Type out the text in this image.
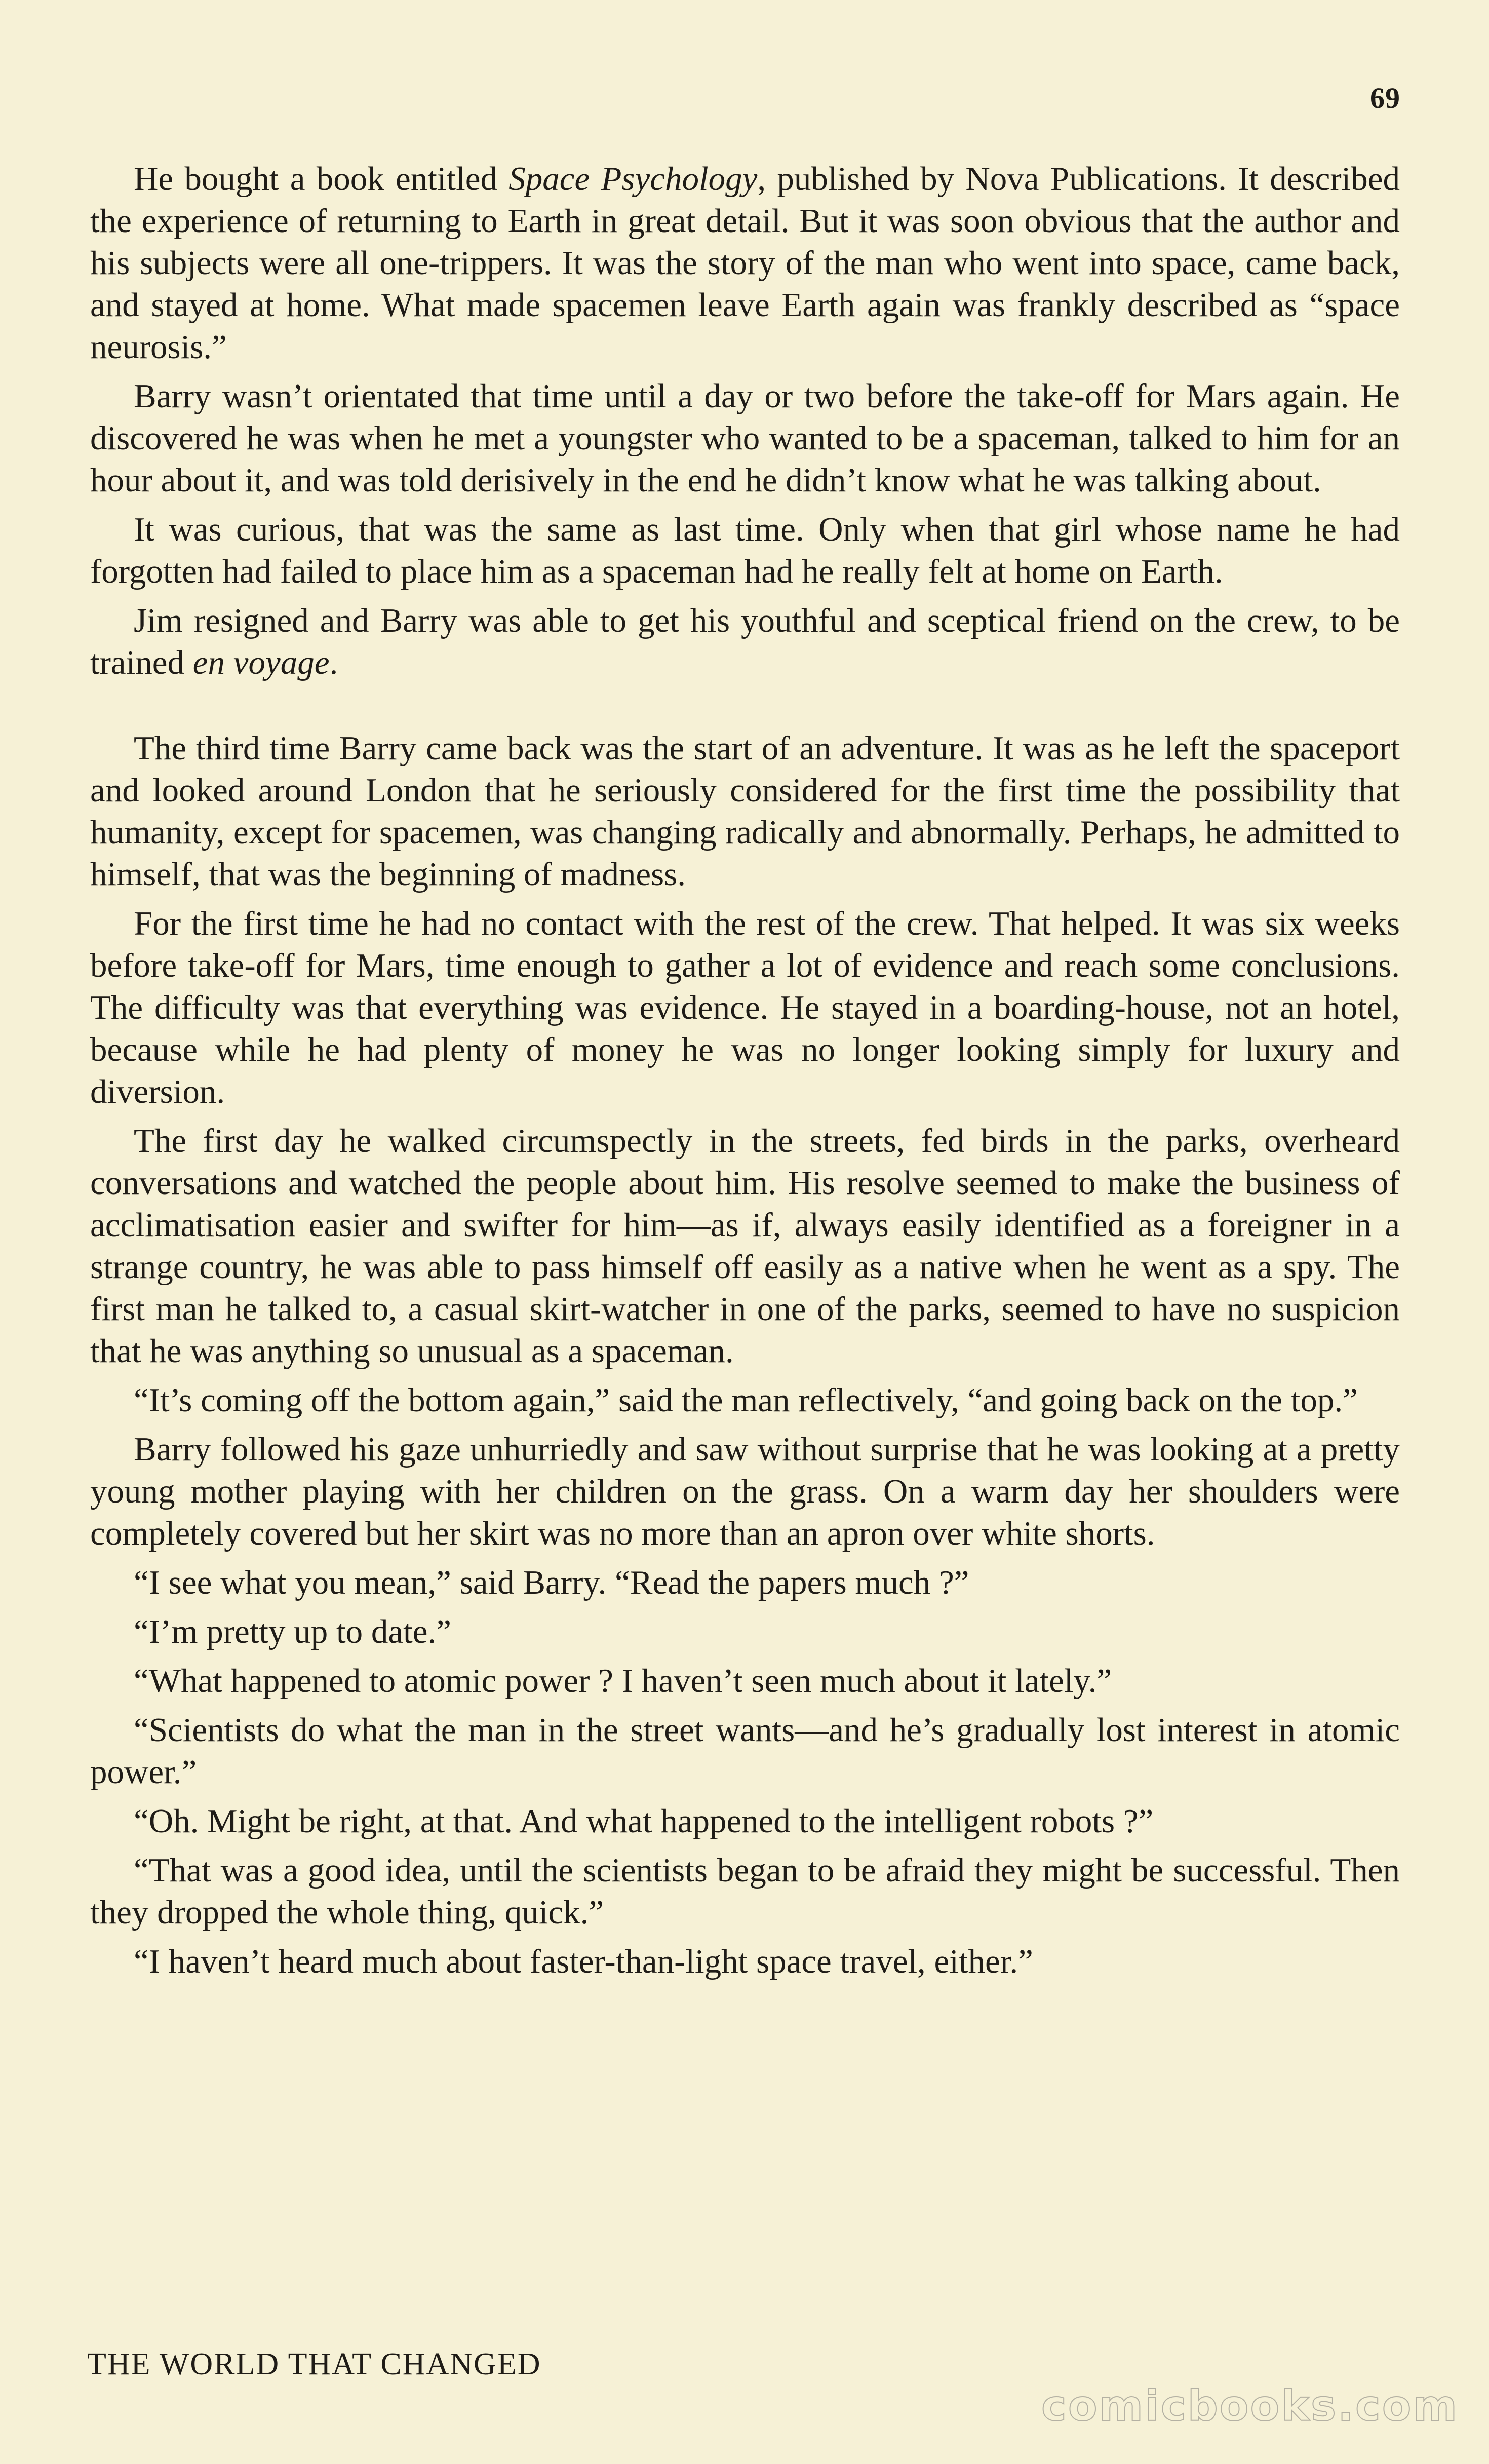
69

He bought a book entitled Space Psychology, published by Nova Publications. It described the experience of returning to Earth in great detail. But it was soon obvious that the author and his subjects were all one-trippers. It was the story of the man who went into space, came back, and stayed at home. What made spacemen leave Earth again was frankly described as “space neurosis.”

Barry wasn’t orientated that time until a day or two before the take-off for Mars again. He discovered he was when he met a youngster who wanted to be a spaceman, talked to him for an hour about it, and was told derisively in the end he didn’t know what he was talking about.

It was curious, that was the same as last time. Only when that girl whose name he had forgotten had failed to place him as a spaceman had he really felt at home on Earth.

Jim resigned and Barry was able to get his youthful and sceptical friend on the crew, to be trained en voyage.

The third time Barry came back was the start of an adventure. It was as he left the spaceport and looked around London that he seriously considered for the first time the possibility that humanity, except for spacemen, was changing radically and abnormally. Perhaps, he admitted to himself, that was the beginning of madness.

For the first time he had no contact with the rest of the crew. That helped. It was six weeks before take-off for Mars, time enough to gather a lot of evidence and reach some conclusions. The difficulty was that everything was evidence. He stayed in a boarding-house, not an hotel, because while he had plenty of money he was no longer looking simply for luxury and diversion.

The first day he walked circumspectly in the streets, fed birds in the parks, overheard conversations and watched the people about him. His resolve seemed to make the business of acclimatisation easier and swifter for him—as if, always easily identified as a foreigner in a strange country, he was able to pass himself off easily as a native when he went as a spy. The first man he talked to, a casual skirt-watcher in one of the parks, seemed to have no suspicion that he was anything so unusual as a spaceman.

“It’s coming off the bottom again,” said the man reflectively, “and going back on the top.”

Barry followed his gaze unhurriedly and saw without surprise that he was looking at a pretty young mother playing with her children on the grass. On a warm day her shoulders were completely covered but her skirt was no more than an apron over white shorts.

“I see what you mean,” said Barry. “Read the papers much ?”

“I’m pretty up to date.”

“What happened to atomic power ? I haven’t seen much about it lately.”

“Scientists do what the man in the street wants—and he’s gradually lost interest in atomic power.”

“Oh. Might be right, at that. And what happened to the intelligent robots ?”

“That was a good idea, until the scientists began to be afraid they might be successful. Then they dropped the whole thing, quick.”

“I haven’t heard much about faster-than-light space travel, either.”

THE WORLD THAT CHANGED
comicbooks.com
